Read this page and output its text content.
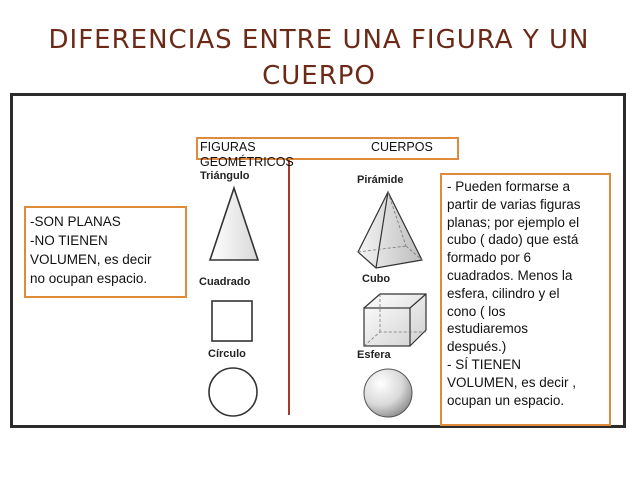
DIFERENCIAS ENTRE UNA FIGURA Y UN CUERPO
FIGURAS GEOMÉTRICOS
CUERPOS
Triángulo
Cuadrado
Círculo
Pirámide
Cubo
Esfera
-SON PLANAS
-NO TIENEN
VOLUMEN, es decir
no ocupan espacio.
- Pueden formarse a
partir de varias figuras
planas; por ejemplo el
cubo ( dado) que está
formado por 6
cuadrados. Menos la
esfera, cilindro y el
cono ( los
estudiaremos
después.)
- SÍ TIENEN
VOLUMEN, es decir ,
ocupan un espacio.
